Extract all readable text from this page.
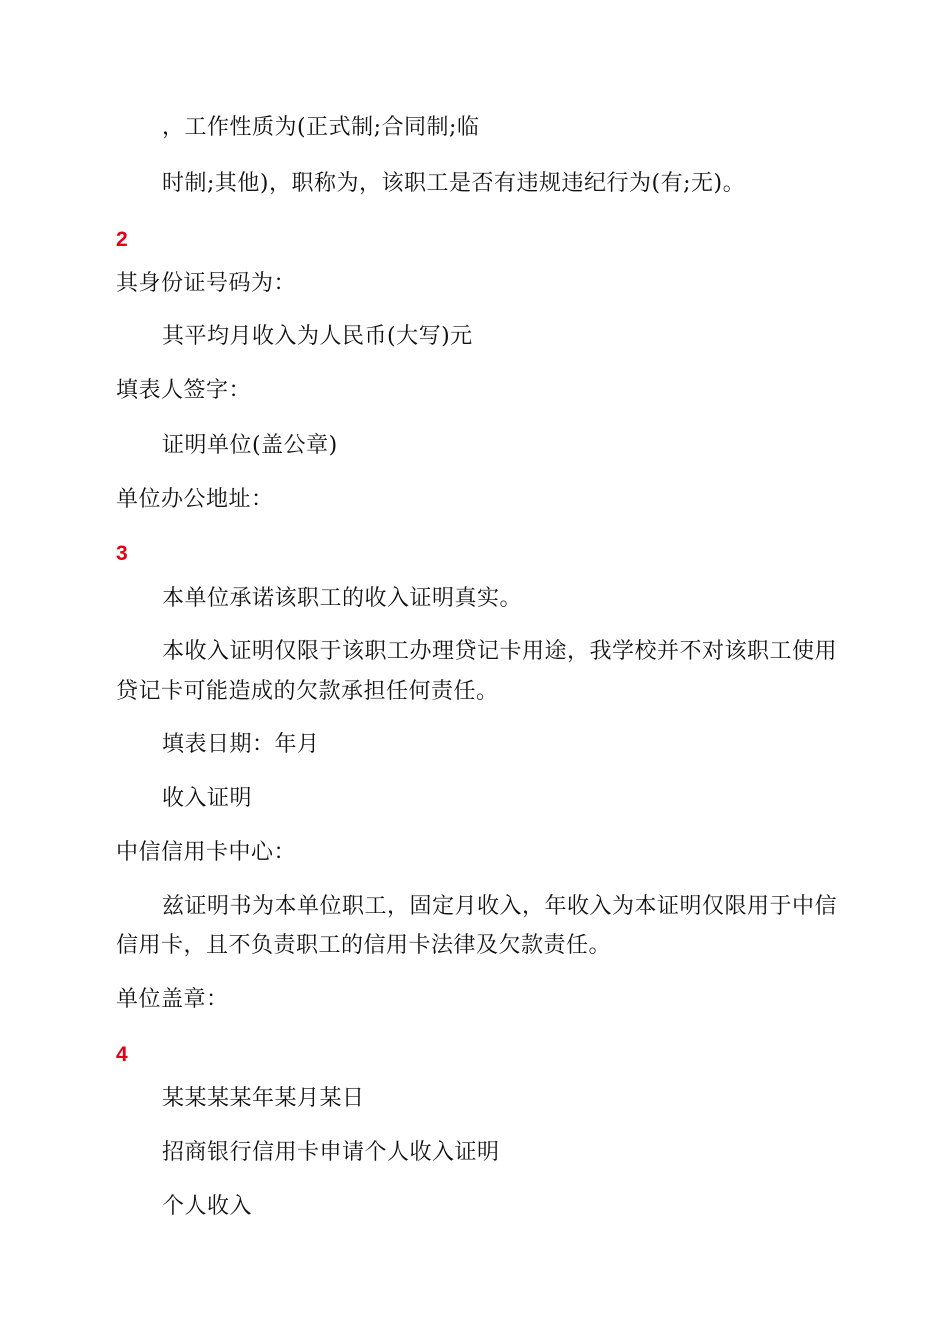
，工作性质为(正式制;合同制;临
时制;其他)，职称为，该职工是否有违规违纪行为(有;无)。
2
其身份证号码为：
其平均月收入为人民币(大写)元
填表人签字：
证明单位(盖公章)
单位办公地址：
3
本单位承诺该职工的收入证明真实。
本收入证明仅限于该职工办理贷记卡用途，我学校并不对该职工使用
贷记卡可能造成的欠款承担任何责任。
填表日期：年月
收入证明
中信信用卡中心：
兹证明书为本单位职工，固定月收入，年收入为本证明仅限用于中信
信用卡，且不负责职工的信用卡法律及欠款责任。
单位盖章：
4
某某某某年某月某日
招商银行信用卡申请个人收入证明
个人收入
